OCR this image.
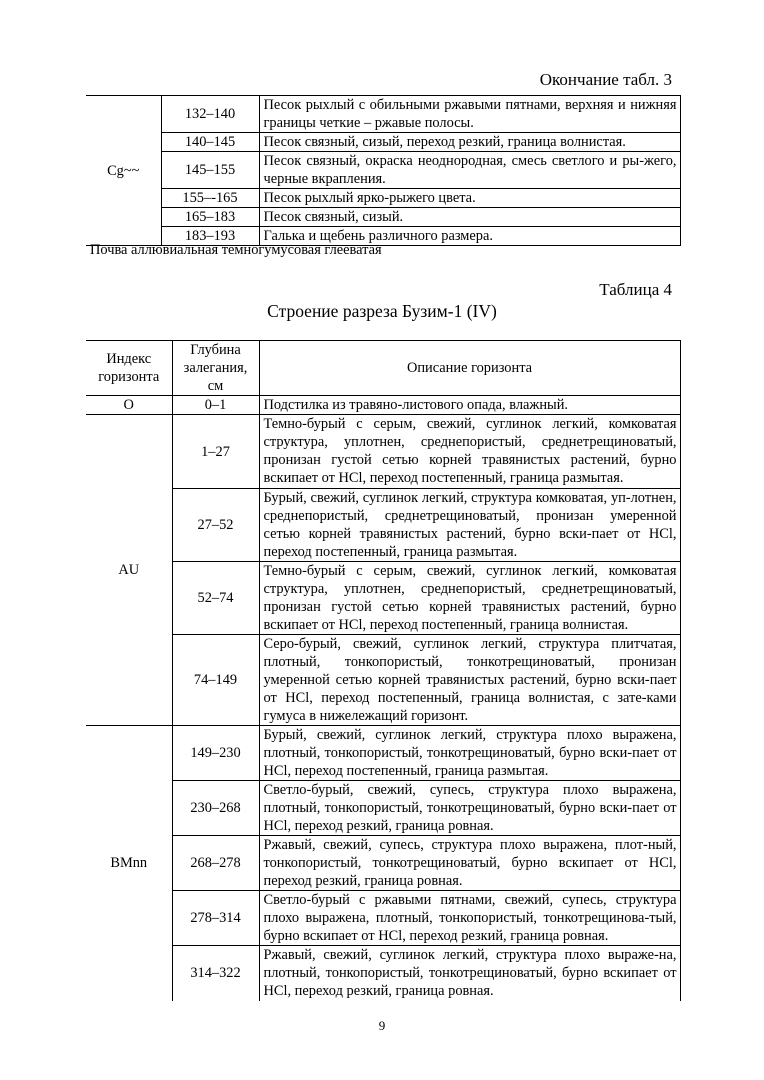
Окончание табл. 3
Cg~~	132–140	Песок рыхлый с обильными ржавыми пятнами, верхняя и нижняя границы четкие – ржавые полосы.
	140–145	Песок связный, сизый, переход резкий, граница волнистая.
	145–155	Песок связный, окраска неоднородная, смесь светлого и ры-жего, черные вкрапления.
	155–-165	Песок рыхлый ярко-рыжего цвета.
	165–183	Песок связный, сизый.
	183–193	Галька и щебень различного размера.
Почва аллювиальная темногумусовая глееватая
Таблица 4
Строение разреза Бузим-1 (IV)
Индекс горизонта	Глубина залегания, см	Описание горизонта
O	0–1	Подстилка из травяно-листового опада, влажный.
AU	1–27	Темно-бурый с серым, свежий, суглинок легкий, комковатая структура, уплотнен, среднепористый, среднетрещиноватый, пронизан густой сетью корней травянистых растений, бурно вскипает от HCl, переход постепенный, граница размытая.
	27–52	Бурый, свежий, суглинок легкий, структура комковатая, уп-лотнен, среднепористый, среднетрещиноватый, пронизан умеренной сетью корней травянистых растений, бурно вски-пает от HCl, переход постепенный, граница размытая.
	52–74	Темно-бурый с серым, свежий, суглинок легкий, комковатая структура, уплотнен, среднепористый, среднетрещиноватый, пронизан густой сетью корней травянистых растений, бурно вскипает от HCl, переход постепенный, граница волнистая.
	74–149	Серо-бурый, свежий, суглинок легкий, структура плитчатая, плотный, тонкопористый, тонкотрещиноватый, пронизан умеренной сетью корней травянистых растений, бурно вски-пает от HCl, переход постепенный, граница волнистая, с зате-ками гумуса в нижележащий горизонт.
BMnn	149–230	Бурый, свежий, суглинок легкий, структура плохо выражена, плотный, тонкопористый, тонкотрещиноватый, бурно вски-пает от HCl, переход постепенный, граница размытая.
	230–268	Светло-бурый, свежий, супесь, структура плохо выражена, плотный, тонкопористый, тонкотрещиноватый, бурно вски-пает от HCl, переход резкий, граница ровная.
	268–278	Ржавый, свежий, супесь, структура плохо выражена, плот-ный, тонкопористый, тонкотрещиноватый, бурно вскипает от HCl, переход резкий, граница ровная.
	278–314	Светло-бурый с ржавыми пятнами, свежий, супесь, структура плохо выражена, плотный, тонкопористый, тонкотрещинова-тый, бурно вскипает от HCl, переход резкий, граница ровная.
	314–322	Ржавый, свежий, суглинок легкий, структура плохо выраже-на, плотный, тонкопористый, тонкотрещиноватый, бурно вскипает от HCl, переход резкий, граница ровная.
9
